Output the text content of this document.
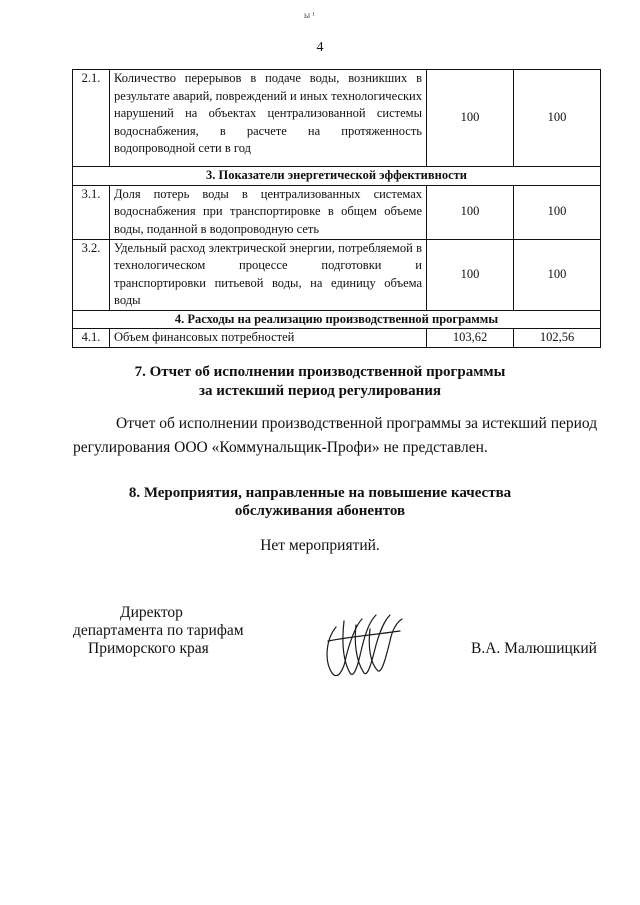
ы ¹
4
2.1.	Количество перерывов в подаче воды, возникших в результате аварий, повреждений и иных технологических нарушений на объектах централизованной системы водоснабжения, в расчете на протяженность водопроводной сети в год	100	100
3. Показатели энергетической эффективности			
3.1.	Доля потерь воды в централизованных системах водоснабжения при транспортировке в общем объеме воды, поданной в водопроводную сеть	100	100
3.2.	Удельный расход электрической энергии, потребляемой в технологическом процессе подготовки и транспортировки питьевой воды, на единицу объема воды	100	100
4. Расходы на реализацию производственной программы			
4.1.	Объем финансовых потребностей	103,62	102,56
7. Отчет об исполнении производственной программы
за истекший период регулирования
Отчет об исполнении производственной программы за истекший период
регулирования ООО «Коммунальщик-Профи» не представлен.
8. Мероприятия, направленные на повышение качества
обслуживания абонентов
Нет мероприятий.
Директор
департамента по тарифам
Приморского края	В.А. Малюшицкий
